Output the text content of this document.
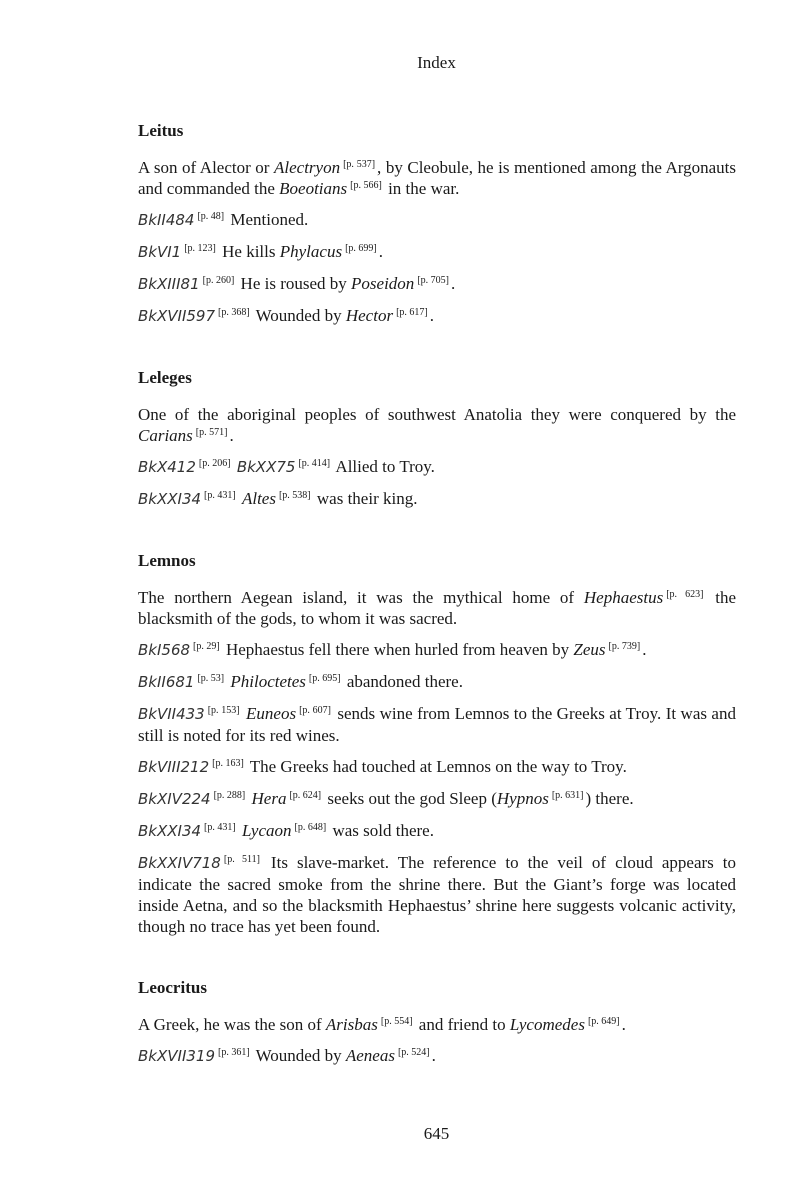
Index
Leitus

A son of Alector or Alectryon [p. 537] , by Cleobule, he is mentioned among the Argonauts and commanded the Boeotians [p. 566] in the war.

BkII484 [p. 48] Mentioned.

BkVI1 [p. 123] He kills Phylacus [p. 699] .

BkXIII81 [p. 260] He is roused by Poseidon [p. 705] .

BkXVII597 [p. 368] Wounded by Hector [p. 617] .

Leleges

One of the aboriginal peoples of southwest Anatolia they were conquered by the Carians [p. 571] .

BkX412 [p. 206] BkXX75 [p. 414] Allied to Troy.

BkXXI34 [p. 431] Altes [p. 538] was their king.

Lemnos

The northern Aegean island, it was the mythical home of Hephaestus [p. 623] the blacksmith of the gods, to whom it was sacred.

BkI568 [p. 29] Hephaestus fell there when hurled from heaven by Zeus [p. 739] .

BkII681 [p. 53] Philoctetes [p. 695] abandoned there.

BkVII433 [p. 153] Euneos [p. 607] sends wine from Lemnos to the Greeks at Troy. It was and still is noted for its red wines.

BkVIII212 [p. 163] The Greeks had touched at Lemnos on the way to Troy.

BkXIV224 [p. 288] Hera [p. 624] seeks out the god Sleep (Hypnos [p. 631] ) there.

BkXXI34 [p. 431] Lycaon [p. 648] was sold there.

BkXXIV718 [p. 511] Its slave-market. The reference to the veil of cloud appears to indicate the sacred smoke from the shrine there. But the Giant’s forge was located inside Aetna, and so the blacksmith Hephaestus’ shrine here suggests volcanic activity, though no trace has yet been found.

Leocritus

A Greek, he was the son of Arisbas [p. 554] and friend to Lycomedes [p. 649] .

BkXVII319 [p. 361] Wounded by Aeneas [p. 524] .

645
